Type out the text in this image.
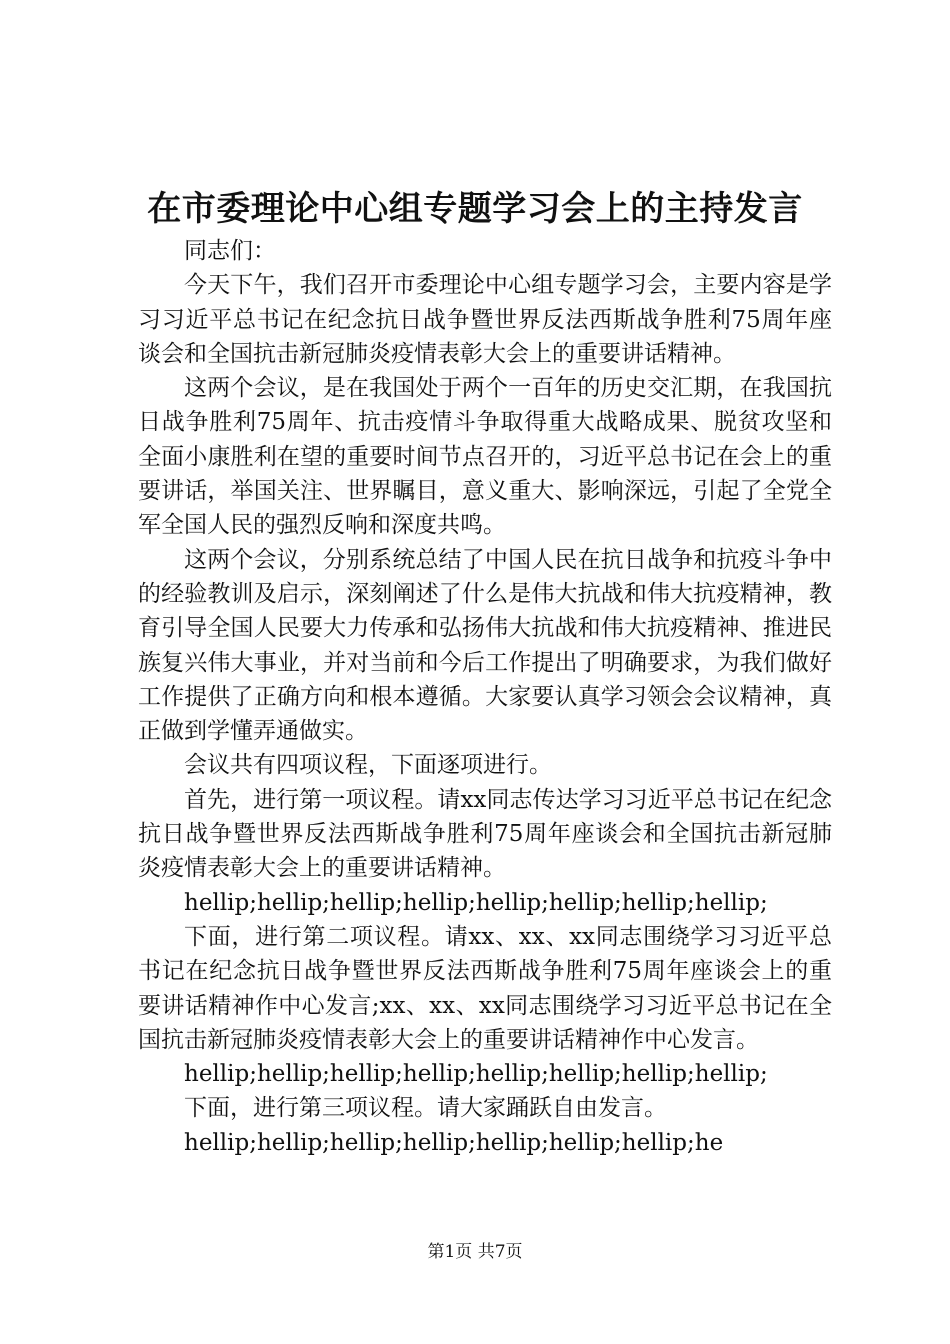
在市委理论中心组专题学习会上的主持发言

同志们：

今天下午，我们召开市委理论中心组专题学习会，主要内容是学习习近平总书记在纪念抗日战争暨世界反法西斯战争胜利75周年座谈会和全国抗击新冠肺炎疫情表彰大会上的重要讲话精神。

这两个会议，是在我国处于两个一百年的历史交汇期，在我国抗日战争胜利75周年、抗击疫情斗争取得重大战略成果、脱贫攻坚和全面小康胜利在望的重要时间节点召开的，习近平总书记在会上的重要讲话，举国关注、世界瞩目，意义重大、影响深远，引起了全党全军全国人民的强烈反响和深度共鸣。

这两个会议，分别系统总结了中国人民在抗日战争和抗疫斗争中的经验教训及启示，深刻阐述了什么是伟大抗战和伟大抗疫精神，教育引导全国人民要大力传承和弘扬伟大抗战和伟大抗疫精神、推进民族复兴伟大事业，并对当前和今后工作提出了明确要求，为我们做好工作提供了正确方向和根本遵循。大家要认真学习领会会议精神，真正做到学懂弄通做实。

会议共有四项议程，下面逐项进行。

首先，进行第一项议程。请xx同志传达学习习近平总书记在纪念抗日战争暨世界反法西斯战争胜利75周年座谈会和全国抗击新冠肺炎疫情表彰大会上的重要讲话精神。

hellip;hellip;hellip;hellip;hellip;hellip;hellip;hellip;

下面，进行第二项议程。请xx、xx、xx同志围绕学习习近平总书记在纪念抗日战争暨世界反法西斯战争胜利75周年座谈会上的重要讲话精神作中心发言;xx、xx、xx同志围绕学习习近平总书记在全国抗击新冠肺炎疫情表彰大会上的重要讲话精神作中心发言。

hellip;hellip;hellip;hellip;hellip;hellip;hellip;hellip;

下面，进行第三项议程。请大家踊跃自由发言。

hellip;hellip;hellip;hellip;hellip;hellip;hellip;he

第1页 共7页
